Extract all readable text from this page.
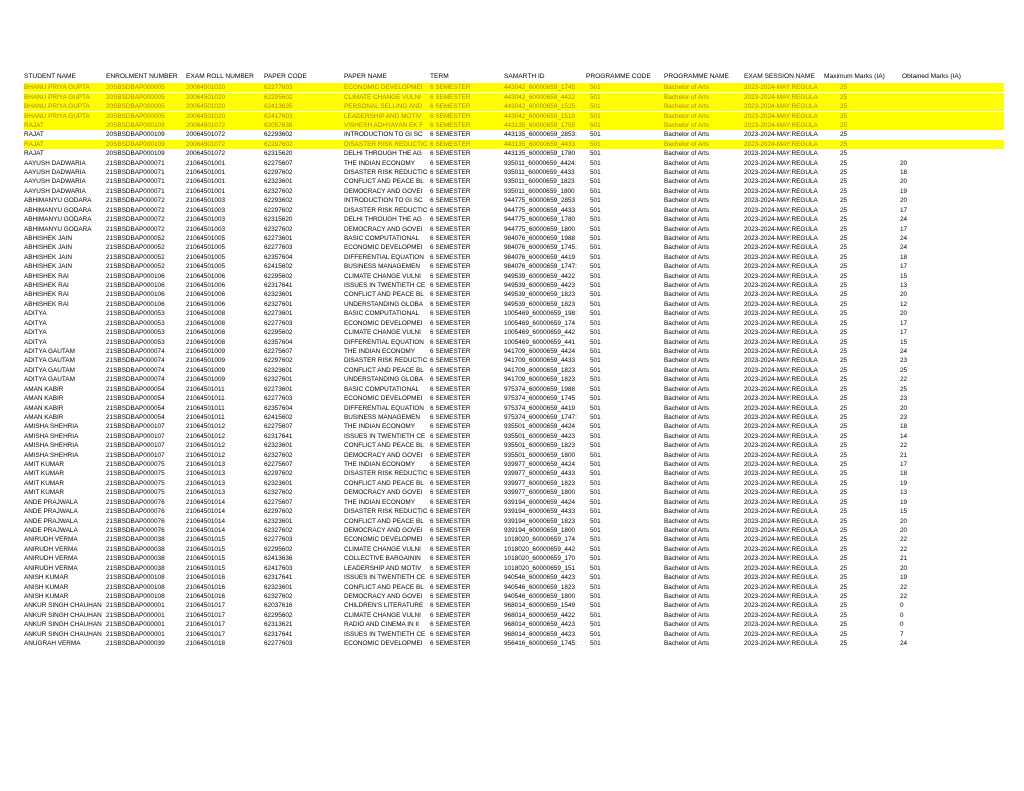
STUDENT NAME	ENROLMENT NUMBER	EXAM ROLL NUMBER	PAPER CODE	PAPER NAME	TERM	SAMARTH ID	PROGRAMME CODE	PROGRAMME NAME	EXAM SESSION NAME	Maximum Marks (IA)	Obtained Marks (IA)
BHANU PRIYA GUPTA	20SBSDBAP000005	20064501020	62277603	ECONOMIC DEVELOPMEI	6 SEMESTER	443042_60000659_1745:	501	Bachelor of Arts	2023-2024-MAY:REGULA	25
BHANU PRIYA GUPTA	20SBSDBAP000005	20064501020	62295602	CLIMATE CHANGE VULNI	6 SEMESTER	443042_60000659_4422	501	Bachelor of Arts	2023-2024-MAY:REGULA	25
BHANU PRIYA GUPTA	20SBSDBAP000005	20064501020	62413635	PERSONAL SELLING AND	6 SEMESTER	443042_60000659_1525:	501	Bachelor of Arts	2023-2024-MAY:REGULA	25
BHANU PRIYA GUPTA	20SBSDBAP000005	20064501020	62417603	LEADERSHIP AND MOTIV	6 SEMESTER	443042_60000659_1510	501	Bachelor of Arts	2023-2024-MAY:REGULA	25
RAJAT	20SBSDBAP000109	20064501072	62057638	VISHESH ADHYAYAN EK F	6 SEMESTER	443135_60000659_1759	501	Bachelor of Arts	2023-2024-MAY:REGULA	25
RAJAT	20SBSDBAP000109	20064501072	62293602	INTRODUCTION TO GI SC	6 SEMESTER	443135_60000659_2853:	501	Bachelor of Arts	2023-2024-MAY:REGULA	25
RAJAT	20SBSDBAP000109	20064501072	62297602	DISASTER RISK REDUCTIC 6 SEMESTER	443135_60000659_4433	501	Bachelor of Arts	2023-2024-MAY:REGULA	25
RAJAT	20SBSDBAP000109	20064501072	62315620	DELHI THROUGH THE AG	6 SEMESTER	443135_60000659_1780	501	Bachelor of Arts	2023-2024-MAY:REGULA	25
AAYUSH DADWARIA	21SBSDBAP000071	21064501001	62275607	THE INDIAN ECONOMY	6 SEMESTER	935011_60000659_4424:	501	Bachelor of Arts	2023-2024-MAY:REGULA	25	20
AAYUSH DADWARIA	21SBSDBAP000071	21064501001	62297602	DISASTER RISK REDUCTIC 6 SEMESTER	935011_60000659_4433	501	Bachelor of Arts	2023-2024-MAY:REGULA	25	18
AAYUSH DADWARIA	21SBSDBAP000071	21064501001	62323601	CONFLICT AND PEACE BL 6 SEMESTER	935011_60000659_1823	501	Bachelor of Arts	2023-2024-MAY:REGULA	25	20
AAYUSH DADWARIA	21SBSDBAP000071	21064501001	62327602	DEMOCRACY AND GOVEI	6 SEMESTER	935011_60000659_1800	501	Bachelor of Arts	2023-2024-MAY:REGULA	25	19
ABHIMANYU GODARA	21SBSDBAP000072	21064501003	62293602	INTRODUCTION TO GI SC	6 SEMESTER	944775_60000659_2853	501	Bachelor of Arts	2023-2024-MAY:REGULA	25	20
ABHIMANYU GODARA	21SBSDBAP000072	21064501003	62297602	DISASTER RISK REDUCTIC 6 SEMESTER	944775_60000659_4433	501	Bachelor of Arts	2023-2024-MAY:REGULA	25	17
ABHIMANYU GODARA	21SBSDBAP000072	21064501003	62315620	DELHI THROUGH THE AG	6 SEMESTER	944775_60000659_1780	501	Bachelor of Arts	2023-2024-MAY:REGULA	25	24
ABHIMANYU GODARA	21SBSDBAP000072	21064501003	62327602	DEMOCRACY AND GOVEI	6 SEMESTER	944775_60000659_1800	501	Bachelor of Arts	2023-2024-MAY:REGULA	25	17
ABHISHEK JAIN	21SBSDBAP000052	21064501005	62273601	BASIC COMPUTATIONAL	6 SEMESTER	984076_60000659_1988	501	Bachelor of Arts	2023-2024-MAY:REGULA	25	24
ABHISHEK JAIN	21SBSDBAP000052	21064501005	62277603	ECONOMIC DEVELOPMEI	6 SEMESTER	984076_60000659_1745:	501	Bachelor of Arts	2023-2024-MAY:REGULA	25	24
ABHISHEK JAIN	21SBSDBAP000052	21064501005	62357604	DIFFERENTIAL EQUATION 6 SEMESTER	984076_60000659_4419	501	Bachelor of Arts	2023-2024-MAY:REGULA	25	18
ABHISHEK JAIN	21SBSDBAP000052	21064501005	62415602	BUSINESS MANAGEMEN	6 SEMESTER	984076_60000659_1747:	501	Bachelor of Arts	2023-2024-MAY:REGULA	25	17
ABHISHEK RAI	21SBSDBAP000106	21064501006	62295602	CLIMATE CHANGE VULNI	6 SEMESTER	949539_60000659_4422	501	Bachelor of Arts	2023-2024-MAY:REGULA	25	15
ABHISHEK RAI	21SBSDBAP000106	21064501006	62317641	ISSUES IN TWENTIETH CE 6 SEMESTER	949539_60000659_4423	501	Bachelor of Arts	2023-2024-MAY:REGULA	25	13
ABHISHEK RAI	21SBSDBAP000106	21064501006	62323601	CONFLICT AND PEACE BL 6 SEMESTER	949539_60000659_1823	501	Bachelor of Arts	2023-2024-MAY:REGULA	25	20
ABHISHEK RAI	21SBSDBAP000106	21064501006	62327601	UNDERSTANDING GLOBA	6 SEMESTER	949539_60000659_1823	501	Bachelor of Arts	2023-2024-MAY:REGULA	25	12
ADITYA	21SBSDBAP000053	21064501008	62273601	BASIC COMPUTATIONAL	6 SEMESTER	1005469_60000659_198:	501	Bachelor of Arts	2023-2024-MAY:REGULA	25	20
ADITYA	21SBSDBAP000053	21064501008	62277603	ECONOMIC DEVELOPMEI	6 SEMESTER	1005469_60000659_174	501	Bachelor of Arts	2023-2024-MAY:REGULA	25	17
ADITYA	21SBSDBAP000053	21064501008	62295602	CLIMATE CHANGE VULNI	6 SEMESTER	1005469_60000659_442	501	Bachelor of Arts	2023-2024-MAY:REGULA	25	17
ADITYA	21SBSDBAP000053	21064501008	62357604	DIFFERENTIAL EQUATION 6 SEMESTER	1005469_60000659_441	501	Bachelor of Arts	2023-2024-MAY:REGULA	25	15
ADITYA GAUTAM	21SBSDBAP000074	21064501009	62275607	THE INDIAN ECONOMY	6 SEMESTER	941709_60000659_4424	501	Bachelor of Arts	2023-2024-MAY:REGULA	25	24
ADITYA GAUTAM	21SBSDBAP000074	21064501009	62297602	DISASTER RISK REDUCTIC 6 SEMESTER	941709_60000659_4433	501	Bachelor of Arts	2023-2024-MAY:REGULA	25	23
ADITYA GAUTAM	21SBSDBAP000074	21064501009	62323601	CONFLICT AND PEACE BL 6 SEMESTER	941709_60000659_1823	501	Bachelor of Arts	2023-2024-MAY:REGULA	25	25
ADITYA GAUTAM	21SBSDBAP000074	21064501009	62327601	UNDERSTANDING GLOBA	6 SEMESTER	941709_60000659_1823	501	Bachelor of Arts	2023-2024-MAY:REGULA	25	22
AMAN KABIR	21SBSDBAP000054	21064501011	62273601	BASIC COMPUTATIONAL	6 SEMESTER	975374_60000659_1988	501	Bachelor of Arts	2023-2024-MAY:REGULA	25	25
AMAN KABIR	21SBSDBAP000054	21064501011	62277603	ECONOMIC DEVELOPMEI	6 SEMESTER	975374_60000659_1745	501	Bachelor of Arts	2023-2024-MAY:REGULA	25	23
AMAN KABIR	21SBSDBAP000054	21064501011	62357604	DIFFERENTIAL EQUATION 6 SEMESTER	975374_60000659_4419	501	Bachelor of Arts	2023-2024-MAY:REGULA	25	20
AMAN KABIR	21SBSDBAP000054	21064501011	62415602	BUSINESS MANAGEMEN	6 SEMESTER	975374_60000659_1747:	501	Bachelor of Arts	2023-2024-MAY:REGULA	25	23
AMISHA SHEHRIA	21SBSDBAP000107	21064501012	62275607	THE INDIAN ECONOMY	6 SEMESTER	935501_60000659_4424	501	Bachelor of Arts	2023-2024-MAY:REGULA	25	18
AMISHA SHEHRIA	21SBSDBAP000107	21064501012	62317641	ISSUES IN TWENTIETH CE 6 SEMESTER	935501_60000659_4423	501	Bachelor of Arts	2023-2024-MAY:REGULA	25	14
AMISHA SHEHRIA	21SBSDBAP000107	21064501012	62323601	CONFLICT AND PEACE BL 6 SEMESTER	935501_60000659_1823	501	Bachelor of Arts	2023-2024-MAY:REGULA	25	22
AMISHA SHEHRIA	21SBSDBAP000107	21064501012	62327602	DEMOCRACY AND GOVEI	6 SEMESTER	935501_60000659_1800	501	Bachelor of Arts	2023-2024-MAY:REGULA	25	21
AMIT KUMAR	21SBSDBAP000075	21064501013	62275607	THE INDIAN ECONOMY	6 SEMESTER	939977_60000659_4424	501	Bachelor of Arts	2023-2024-MAY:REGULA	25	17
AMIT KUMAR	21SBSDBAP000075	21064501013	62297602	DISASTER RISK REDUCTIC 6 SEMESTER	939977_60000659_4433	501	Bachelor of Arts	2023-2024-MAY:REGULA	25	18
AMIT KUMAR	21SBSDBAP000075	21064501013	62323601	CONFLICT AND PEACE BL 6 SEMESTER	939977_60000659_1823	501	Bachelor of Arts	2023-2024-MAY:REGULA	25	19
AMIT KUMAR	21SBSDBAP000075	21064501013	62327602	DEMOCRACY AND GOVEI	6 SEMESTER	939977_60000659_1800	501	Bachelor of Arts	2023-2024-MAY:REGULA	25	13
ANDE PRAJWALA	21SBSDBAP000076	21064501014	62275607	THE INDIAN ECONOMY	6 SEMESTER	939194_60000659_4424	501	Bachelor of Arts	2023-2024-MAY:REGULA	25	19
ANDE PRAJWALA	21SBSDBAP000076	21064501014	62297602	DISASTER RISK REDUCTIC 6 SEMESTER	939194_60000659_4433	501	Bachelor of Arts	2023-2024-MAY:REGULA	25	15
ANDE PRAJWALA	21SBSDBAP000076	21064501014	62323601	CONFLICT AND PEACE BL 6 SEMESTER	939194_60000659_1823	501	Bachelor of Arts	2023-2024-MAY:REGULA	25	20
ANDE PRAJWALA	21SBSDBAP000076	21064501014	62327602	DEMOCRACY AND GOVEI	6 SEMESTER	939194_60000659_1800	501	Bachelor of Arts	2023-2024-MAY:REGULA	25	20
ANIRUDH VERMA	21SBSDBAP000038	21064501015	62277603	ECONOMIC DEVELOPMEI	6 SEMESTER	1018020_60000659_174	501	Bachelor of Arts	2023-2024-MAY:REGULA	25	22
ANIRUDH VERMA	21SBSDBAP000038	21064501015	62295602	CLIMATE CHANGE VULNI	6 SEMESTER	1018020_60000659_442	501	Bachelor of Arts	2023-2024-MAY:REGULA	25	22
ANIRUDH VERMA	21SBSDBAP000038	21064501015	62413636	COLLECTIVE BARGAININ	6 SEMESTER	1018020_60000659_170	501	Bachelor of Arts	2023-2024-MAY:REGULA	25	21
ANIRUDH VERMA	21SBSDBAP000038	21064501015	62417603	LEADERSHIP AND MOTIV	6 SEMESTER	1018020_60000659_151	501	Bachelor of Arts	2023-2024-MAY:REGULA	25	20
ANISH KUMAR	21SBSDBAP000108	21064501016	62317641	ISSUES IN TWENTIETH CE 6 SEMESTER	940546_60000659_4423	501	Bachelor of Arts	2023-2024-MAY:REGULA	25	19
ANISH KUMAR	21SBSDBAP000108	21064501016	62323601	CONFLICT AND PEACE BL 6 SEMESTER	940546_60000659_1823	501	Bachelor of Arts	2023-2024-MAY:REGULA	25	22
ANISH KUMAR	21SBSDBAP000108	21064501016	62327602	DEMOCRACY AND GOVEI	6 SEMESTER	940546_60000659_1800	501	Bachelor of Arts	2023-2024-MAY:REGULA	25	22
ANKUR SINGH CHAUHAN 21SBSDBAP000001	21064501017	62037616	CHILDREN'S LITERATURE	6 SEMESTER	968014_60000659_1549	501	Bachelor of Arts	2023-2024-MAY:REGULA	25	0
ANKUR SINGH CHAUHAN 21SBSDBAP000001	21064501017	62295602	CLIMATE CHANGE VULNI	6 SEMESTER	968014_60000659_4422	501	Bachelor of Arts	2023-2024-MAY:REGULA	25	0
ANKUR SINGH CHAUHAN 21SBSDBAP000001	21064501017	62313621	RADIO AND CINEMA IN II	6 SEMESTER	968014_60000659_4423	501	Bachelor of Arts	2023-2024-MAY:REGULA	25	0
ANKUR SINGH CHAUHAN 21SBSDBAP000001	21064501017	62317641	ISSUES IN TWENTIETH CE 6 SEMESTER	968014_60000659_4423	501	Bachelor of Arts	2023-2024-MAY:REGULA	25	7
ANUGRAH VERMA	21SBSDBAP000039	21064501018	62277603	ECONOMIC DEVELOPMEI	6 SEMESTER	956416_60000659_1745:	501	Bachelor of Arts	2023-2024-MAY:REGULA	25	24
